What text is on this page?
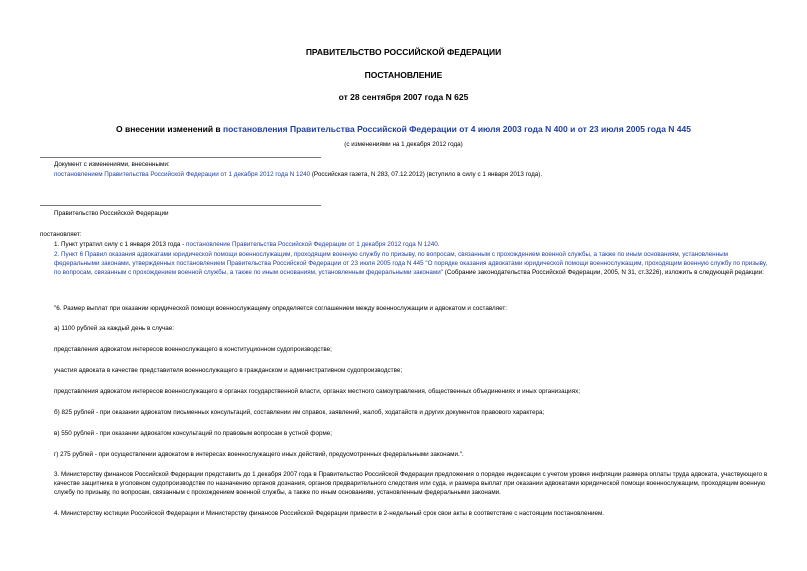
ПРАВИТЕЛЬСТВО РОССИЙСКОЙ ФЕДЕРАЦИИ
ПОСТАНОВЛЕНИЕ
от 28 сентября 2007 года N 625
О внесении изменений в постановления Правительства Российской Федерации от 4 июля 2003 года N 400 и от 23 июля 2005 года N 445
(с изменениями на 1 декабря 2012 года)
Документ с изменениями, внесенными:
постановлением Правительства Российской Федерации от 1 декабря 2012 года N 1240 (Российская газета, N 283, 07.12.2012) (вступило в силу с 1 января 2013 года).
Правительство Российской Федерации
постановляет:
1. Пункт утратил силу с 1 января 2013 года - постановление Правительства Российской Федерации от 1 декабря 2012 года N 1240.
2. Пункт 6 Правил оказания адвокатами юридической помощи военнослужащим, проходящим военную службу по призыву, по вопросам, связанным с прохождением военной службы, а также по иным основаниям, установленным федеральными законами, утвержденных постановлением Правительства Российской Федерации от 23 июля 2005 года N 445 "О порядке оказания адвокатами юридической помощи военнослужащим, проходящим военную службу по призыву, по вопросам, связанным с прохождением военной службы, а также по иным основаниям, установленным федеральными законами" (Собрание законодательства Российской Федерации, 2005, N 31, ст.3226), изложить в следующей редакции:
"6. Размер выплат при оказании юридической помощи военнослужащему определяется соглашением между военнослужащим и адвокатом и составляет:
а) 1100 рублей за каждый день в случае:
представления адвокатом интересов военнослужащего в конституционном судопроизводстве;
участия адвоката в качестве представителя военнослужащего в гражданском и административном судопроизводстве;
представления адвокатом интересов военнослужащего в органах государственной власти, органах местного самоуправления, общественных объединениях и иных организациях;
б) 825 рублей - при оказании адвокатом письменных консультаций, составлении им справок, заявлений, жалоб, ходатайств и других документов правового характера;
в) 550 рублей - при оказании адвокатом консультаций по правовым вопросам в устной форме;
г) 275 рублей - при осуществлении адвокатом в интересах военнослужащего иных действий, предусмотренных федеральными законами.".
3. Министерству финансов Российской Федерации представить до 1 декабря 2007 года в Правительство Российской Федерации предложения о порядке индексации с учетом уровня инфляции размера оплаты труда адвоката, участвующего в качестве защитника в уголовном судопроизводстве по назначению органов дознания, органов предварительного следствия или суда, и размера выплат при оказании адвокатами юридической помощи военнослужащим, проходящим военную службу по призыву, по вопросам, связанным с прохождением военной службы, а также по иным основаниям, установленным федеральными законами.
4. Министерству юстиции Российской Федерации и Министерству финансов Российской Федерации привести в 2-недельный срок свои акты в соответствие с настоящим постановлением.
